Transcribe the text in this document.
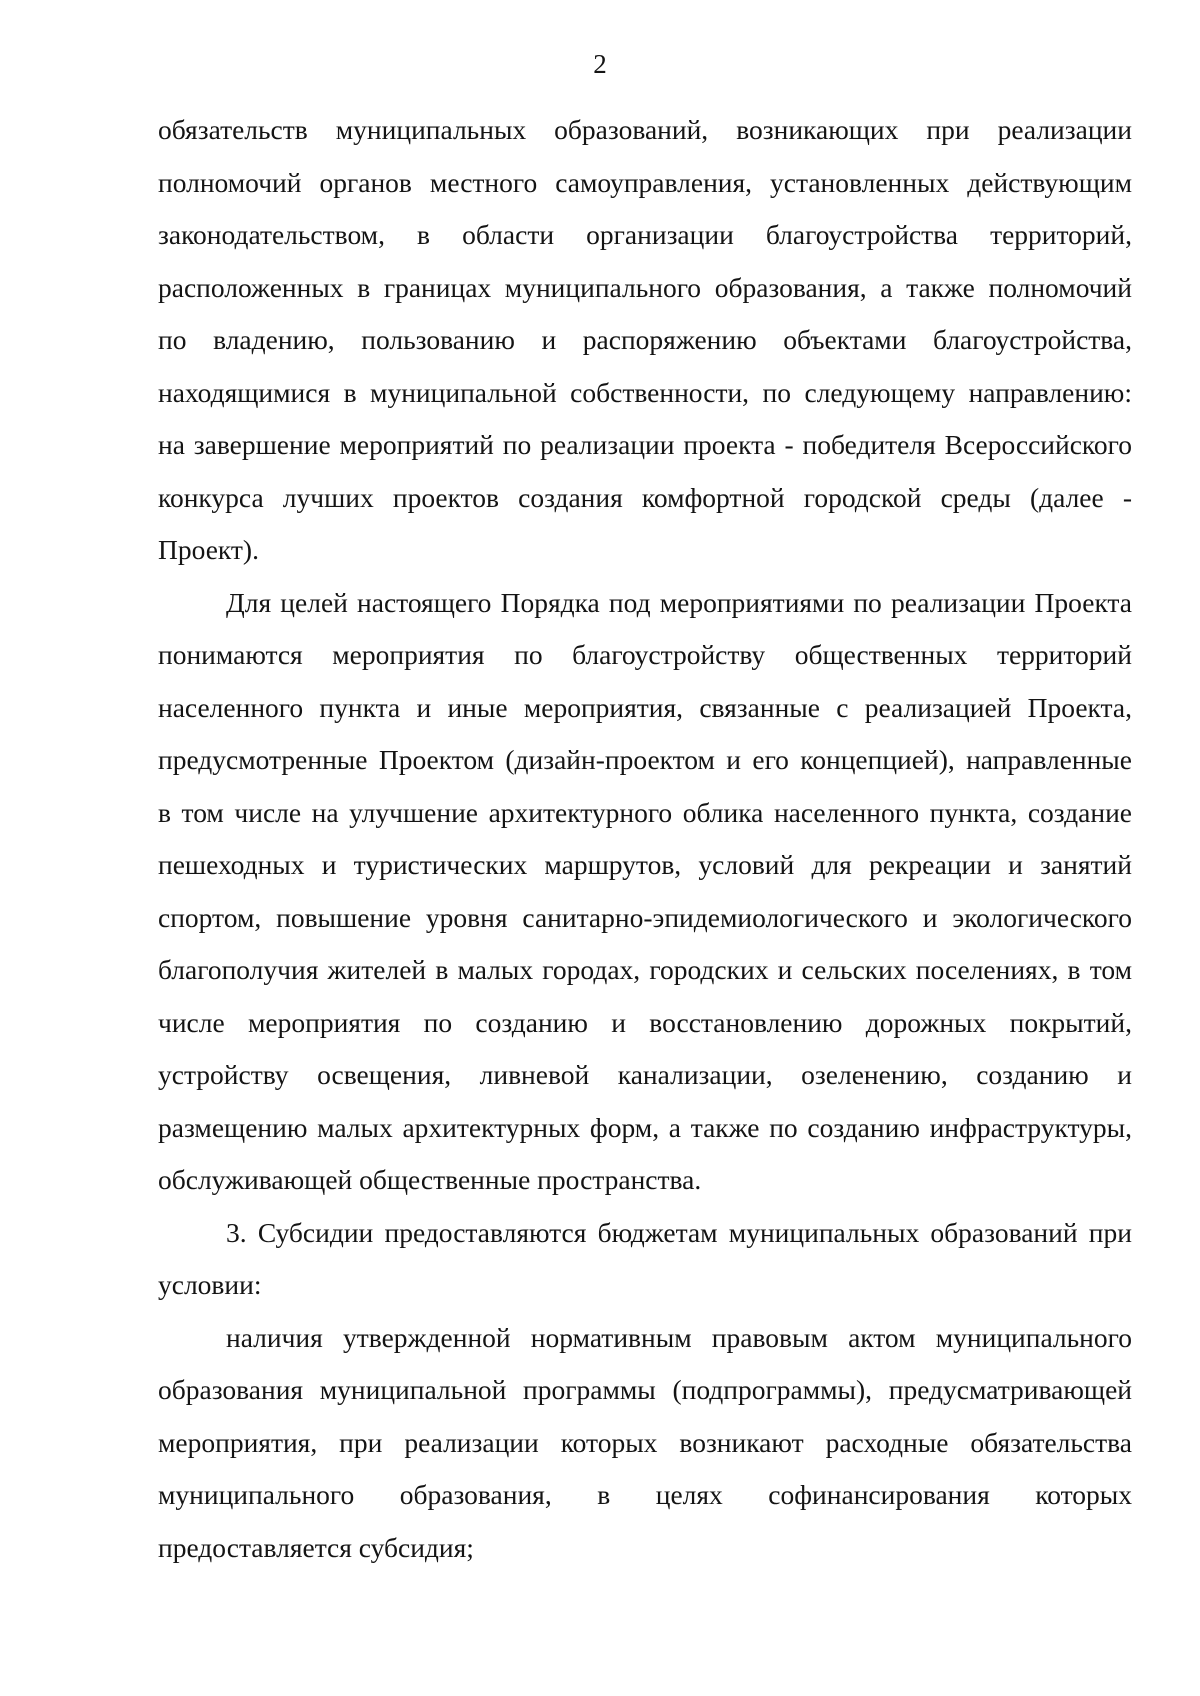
2
обязательств муниципальных образований, возникающих при реализации
полномочий органов местного самоуправления, установленных действующим
законодательством, в области организации благоустройства территорий,
расположенных в границах муниципального образования, а также полномочий
по владению, пользованию и распоряжению объектами благоустройства,
находящимися в муниципальной собственности, по следующему направлению:
на завершение мероприятий по реализации проекта - победителя Всероссийского
конкурса лучших проектов создания комфортной городской среды (далее -
Проект).
Для целей настоящего Порядка под мероприятиями по реализации Проекта
понимаются мероприятия по благоустройству общественных территорий
населенного пункта и иные мероприятия, связанные с реализацией Проекта,
предусмотренные Проектом (дизайн-проектом и его концепцией), направленные
в том числе на улучшение архитектурного облика населенного пункта, создание
пешеходных и туристических маршрутов, условий для рекреации и занятий
спортом, повышение уровня санитарно-эпидемиологического и экологического
благополучия жителей в малых городах, городских и сельских поселениях, в том
числе мероприятия по созданию и восстановлению дорожных покрытий,
устройству освещения, ливневой канализации, озеленению, созданию и
размещению малых архитектурных форм, а также по созданию инфраструктуры,
обслуживающей общественные пространства.
3. Субсидии предоставляются бюджетам муниципальных образований при
условии:
наличия утвержденной нормативным правовым актом муниципального
образования муниципальной программы (подпрограммы), предусматривающей
мероприятия, при реализации которых возникают расходные обязательства
муниципального образования, в целях софинансирования которых
предоставляется субсидия;
